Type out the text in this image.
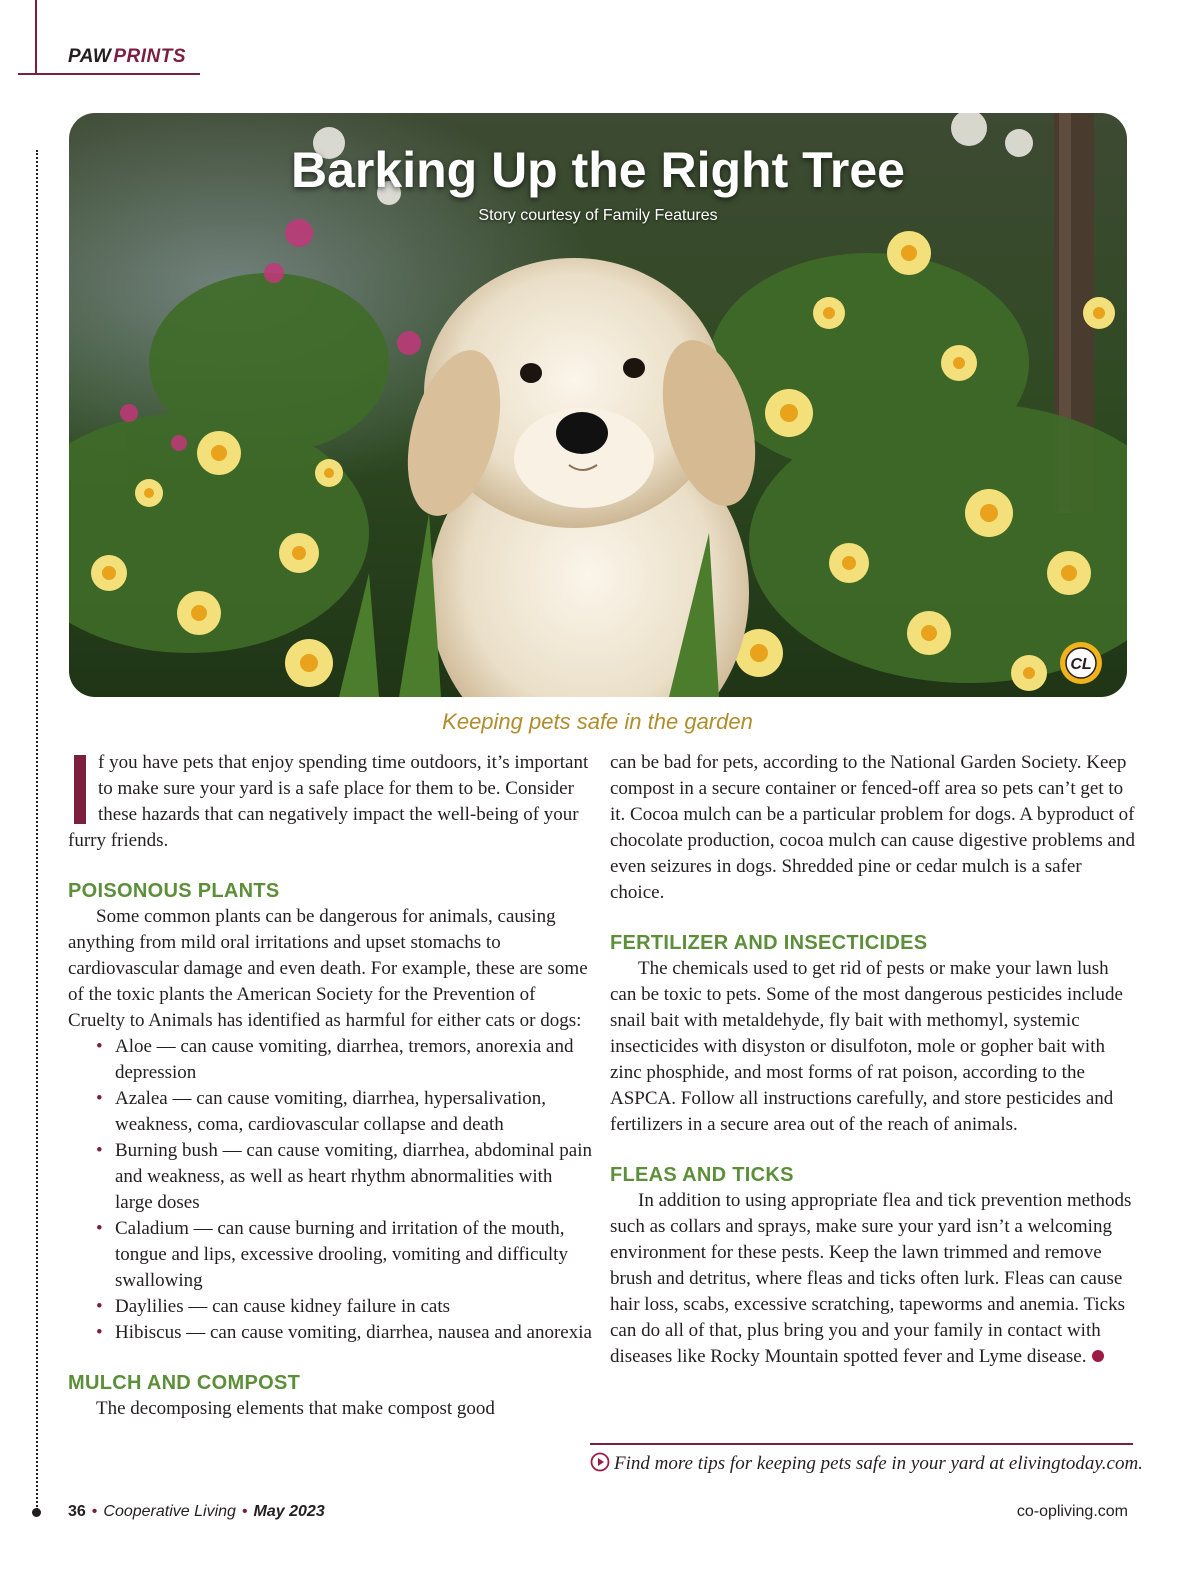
PAW PRINTS
Barking Up the Right Tree
Story courtesy of Family Features
CL
Keeping pets safe in the garden

f you have pets that enjoy spending time outdoors, it’s important to make sure your yard is a safe place for them to be. Consider these hazards that can negatively impact the well-being of your furry friends.

POISONOUS PLANTS

Some common plants can be dangerous for animals, causing anything from mild oral irritations and upset stomachs to cardiovascular damage and even death. For example, these are some of the toxic plants the American Society for the Prevention of Cruelty to Animals has identified as harmful for either cats or dogs:

• Aloe — can cause vomiting, diarrhea, tremors, anorexia and depression
• Azalea — can cause vomiting, diarrhea, hypersalivation, weakness, coma, cardiovascular collapse and death
• Burning bush — can cause vomiting, diarrhea, abdominal pain and weakness, as well as heart rhythm abnormalities with large doses
• Caladium — can cause burning and irritation of the mouth, tongue and lips, excessive drooling, vomiting and difficulty swallowing
• Daylilies — can cause kidney failure in cats
• Hibiscus — can cause vomiting, diarrhea, nausea and anorexia
MULCH AND COMPOST

The decomposing elements that make compost good

can be bad for pets, according to the National Garden Society. Keep compost in a secure container or fenced-off area so pets can’t get to it. Cocoa mulch can be a particular problem for dogs. A byproduct of chocolate production, cocoa mulch can cause digestive problems and even seizures in dogs. Shredded pine or cedar mulch is a safer choice.

FERTILIZER AND INSECTICIDES

The chemicals used to get rid of pests or make your lawn lush can be toxic to pets. Some of the most dangerous pesticides include snail bait with metaldehyde, fly bait with methomyl, systemic insecticides with disyston or disulfoton, mole or gopher bait with zinc phosphide, and most forms of rat poison, according to the ASPCA. Follow all instructions carefully, and store pesticides and fertilizers in a secure area out of the reach of animals.

FLEAS AND TICKS

In addition to using appropriate flea and tick prevention methods such as collars and sprays, make sure your yard isn’t a welcoming environment for these pests. Keep the lawn trimmed and remove brush and detritus, where fleas and ticks often lurk. Fleas can cause hair loss, scabs, excessive scratching, tapeworms and anemia. Ticks can do all of that, plus bring you and your family in contact with diseases like Rocky Mountain spotted fever and Lyme disease.

Find more tips for keeping pets safe in your yard at elivingtoday.com.
36 • Cooperative Living • May 2023	co-opliving.com
